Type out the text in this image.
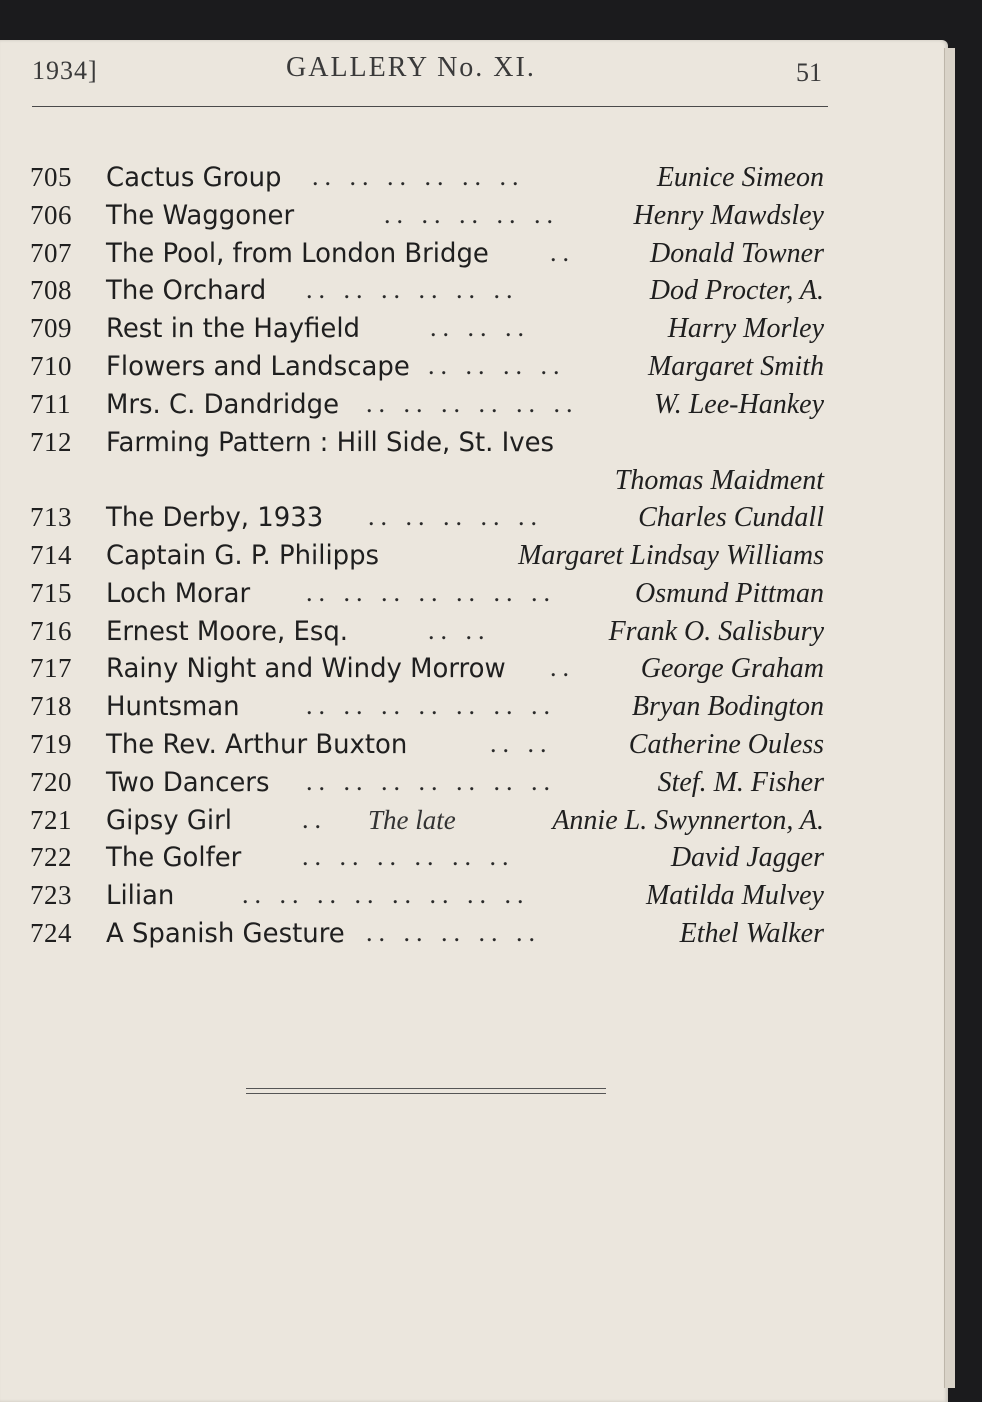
1934]	GALLERY No. XI.	51
705 Cactus Group .. .. .. .. .. ..	Eunice Simeon
706 The Waggoner	.. .. .. .. ..	Henry Mawdsley
707 The Pool, from London Bridge ..	Donald Towner
708 The Orchard .. .. .. .. .. ..	Dod Procter, A.
709 Rest in the Hayfield	.. .. ..	Harry Morley
710 Flowers and Landscape .. .. .. ..	Margaret Smith
711 Mrs. C. Dandridge .. .. .. .. .. ..	W. Lee-Hankey
712 Farming Pattern : Hill Side, St. Ives
Thomas Maidment
713 The Derby, 1933 .. .. .. .. ..	Charles Cundall
714 Captain G. P. Philipps	Margaret Lindsay Williams
715 Loch Morar .. .. .. .. .. .. ..	Osmund Pittman
716 Ernest Moore, Esq.	.. ..	Frank O. Salisbury
717 Rainy Night and Windy Morrow .. George Graham
718 Huntsman	.. .. .. .. .. .. ..	Bryan Bodington
719 The Rev. Arthur Buxton	.. ..	Catherine Ouless
720 Two Dancers .. .. .. .. .. .. ..	Stef. M. Fisher
721 Gipsy Girl	.. The late	Annie L. Swynnerton, A.
722 The Golfer .. .. .. .. .. ..	David Jagger
723 Lilian	.. .. .. .. .. .. .. ..	Matilda Mulvey
724 A Spanish Gesture .. .. .. .. ..	Ethel Walker
